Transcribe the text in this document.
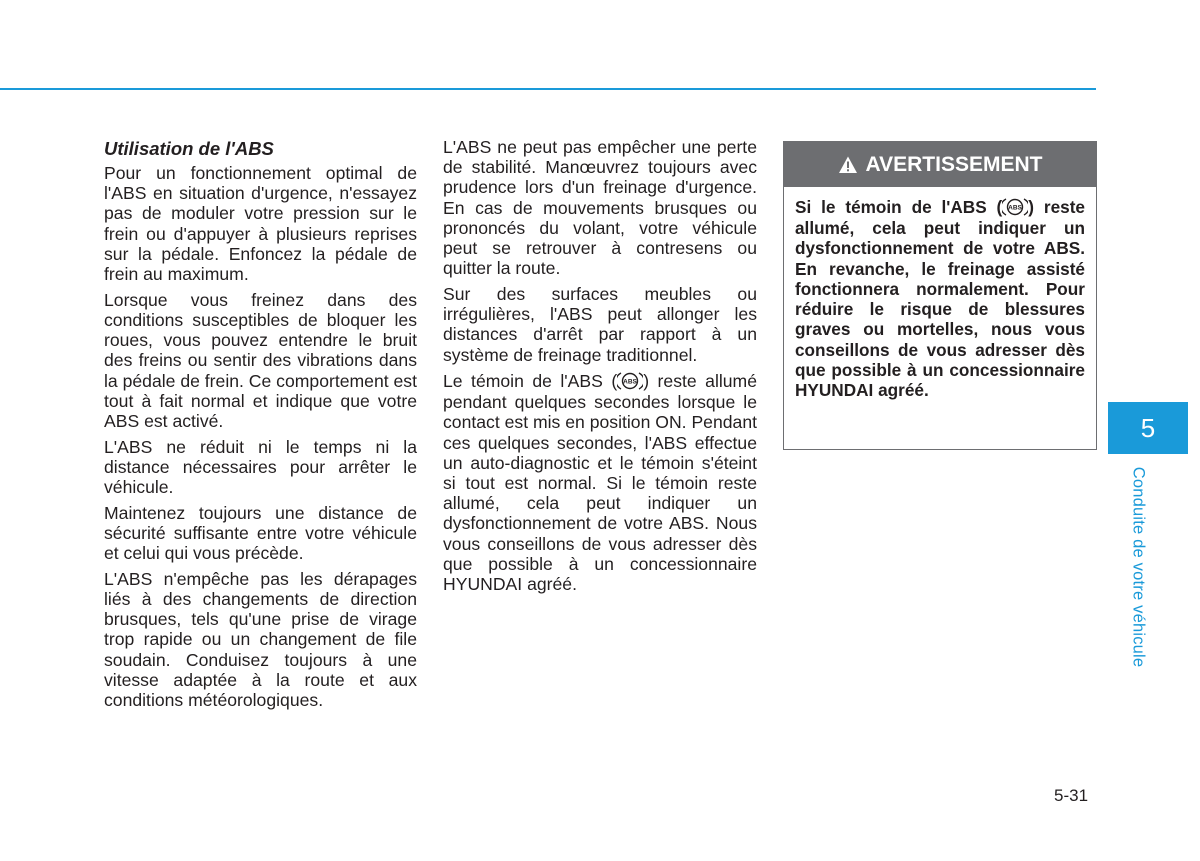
Utilisation de l'ABS

Pour un fonctionnement optimal de l'ABS en situation d'urgence, n'essayez pas de moduler votre pression sur le frein ou d'appuyer à plusieurs reprises sur la pédale. Enfoncez la pédale de frein au maximum.

Lorsque vous freinez dans des conditions susceptibles de bloquer les roues, vous pouvez entendre le bruit des freins ou sentir des vibrations dans la pédale de frein. Ce comportement est tout à fait normal et indique que votre ABS est activé.

L'ABS ne réduit ni le temps ni la distance nécessaires pour arrêter le véhicule.

Maintenez toujours une distance de sécurité suffisante entre votre véhicule et celui qui vous précède.

L'ABS n'empêche pas les dérapages liés à des changements de direction brusques, tels qu'une prise de virage trop rapide ou un changement de file soudain. Conduisez toujours à une vitesse adaptée à la route et aux conditions météorologiques.

L'ABS ne peut pas empêcher une perte de stabilité. Manœuvrez toujours avec prudence lors d'un freinage d'urgence. En cas de mouvements brusques ou prononcés du volant, votre véhicule peut se retrouver à contresens ou quitter la route.

Sur des surfaces meubles ou irrégulières, l'ABS peut allonger les distances d'arrêt par rapport à un système de freinage traditionnel.

Le témoin de l'ABS ( ABS ) reste allumé pendant quelques secondes lorsque le contact est mis en position ON. Pendant ces quelques secondes, l'ABS effectue un auto-diagnostic et le témoin s'éteint si tout est normal. Si le témoin reste allumé, cela peut indiquer un dysfonctionnement de votre ABS. Nous vous conseillons de vous adresser dès que possible à un concessionnaire HYUNDAI agréé.

AVERTISSEMENT
Si le témoin de l'ABS ( ABS ) reste allumé, cela peut indiquer un dysfonctionnement de votre ABS. En revanche, le freinage assisté fonctionnera normalement. Pour réduire le risque de blessures graves ou mortelles, nous vous conseillons de vous adresser dès que possible à un concessionnaire HYUNDAI agréé.
5
Conduite de votre véhicule
5-31
